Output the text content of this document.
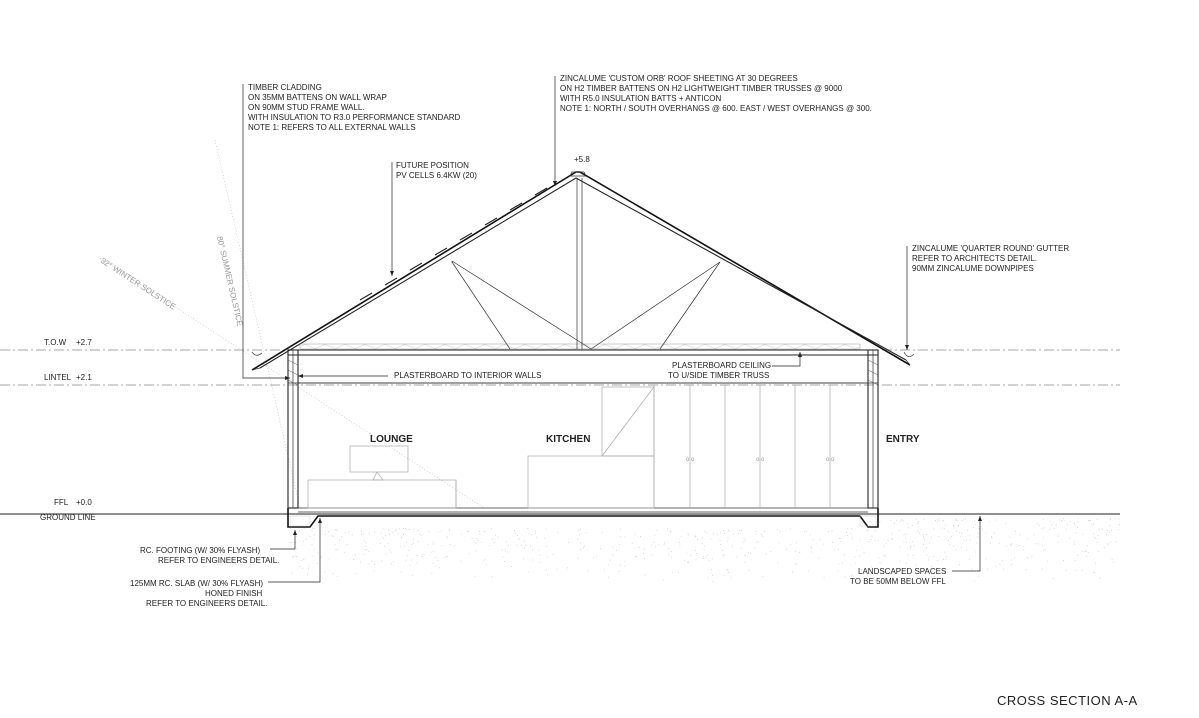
32° WINTER SOLSTICE	80° SUMMER SOLSTICE
o o	o o	o o
T.O.W +2.7
LINTEL +2.1
FFL +0.0
GROUND LINE
+5.8
LOUNGE	KITCHEN	ENTRY
TIMBER CLADDING
ON 35MM BATTENS ON WALL WRAP
ON 90MM STUD FRAME WALL.
WITH INSULATION TO R3.0 PERFORMANCE STANDARD
NOTE 1: REFERS TO ALL EXTERNAL WALLS
ZINCALUME 'CUSTOM ORB' ROOF SHEETING AT 30 DEGREES
ON H2 TIMBER BATTENS ON H2 LIGHTWEIGHT TIMBER TRUSSES @ 9000
WITH R5.0 INSULATION BATTS + ANTICON
NOTE 1: NORTH / SOUTH OVERHANGS @ 600. EAST / WEST OVERHANGS @ 300.
FUTURE POSITION
PV CELLS 6.4KW (20)
ZINCALUME 'QUARTER ROUND' GUTTER
REFER TO ARCHITECTS DETAIL.
90MM ZINCALUME DOWNPIPES
PLASTERBOARD TO INTERIOR WALLS
PLASTERBOARD CEILING
TO U/SIDE TIMBER TRUSS
RC. FOOTING (W/ 30% FLYASH)
REFER TO ENGINEERS DETAIL.
125MM RC. SLAB (W/ 30% FLYASH)
HONED FINISH
REFER TO ENGINEERS DETAIL.
LANDSCAPED SPACES
TO BE 50MM BELOW FFL
CROSS SECTION A-A
